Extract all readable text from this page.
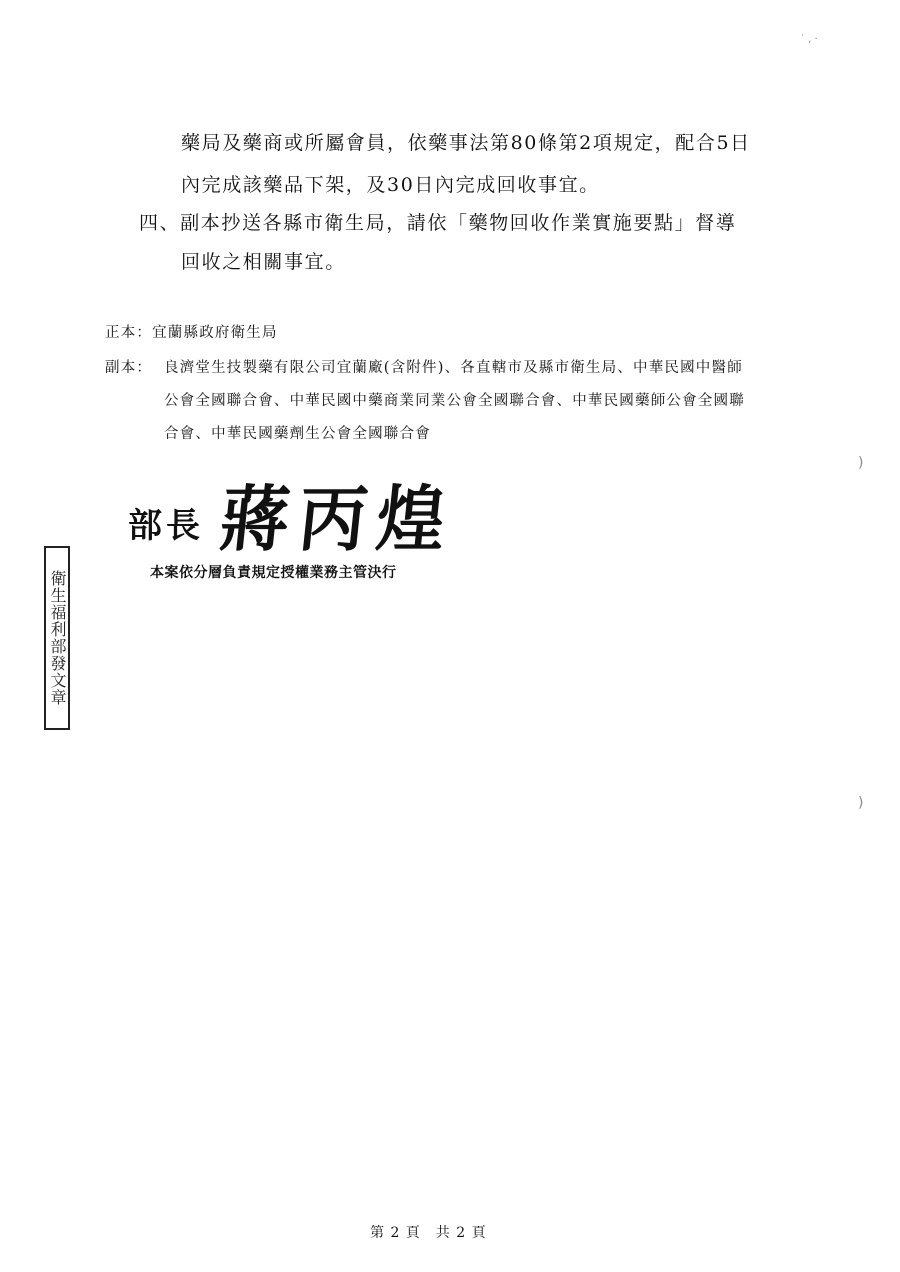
˙ ‚ ·
)
)
藥局及藥商或所屬會員，依藥事法第80條第2項規定，配合5日
內完成該藥品下架，及30日內完成回收事宜。
四、副本抄送各縣市衛生局，請依「藥物回收作業實施要點」督導
回收之相關事宜。
正本：宜蘭縣政府衛生局
副本： 良濟堂生技製藥有限公司宜蘭廠(含附件)、各直轄市及縣市衛生局、中華民國中醫師
公會全國聯合會、中華民國中藥商業同業公會全國聯合會、中華民國藥師公會全國聯
合會、中華民國藥劑生公會全國聯合會
部長 蔣丙煌
本案依分層負責規定授權業務主管決行
衛生福利部發文章
第 2 頁　共 2 頁
